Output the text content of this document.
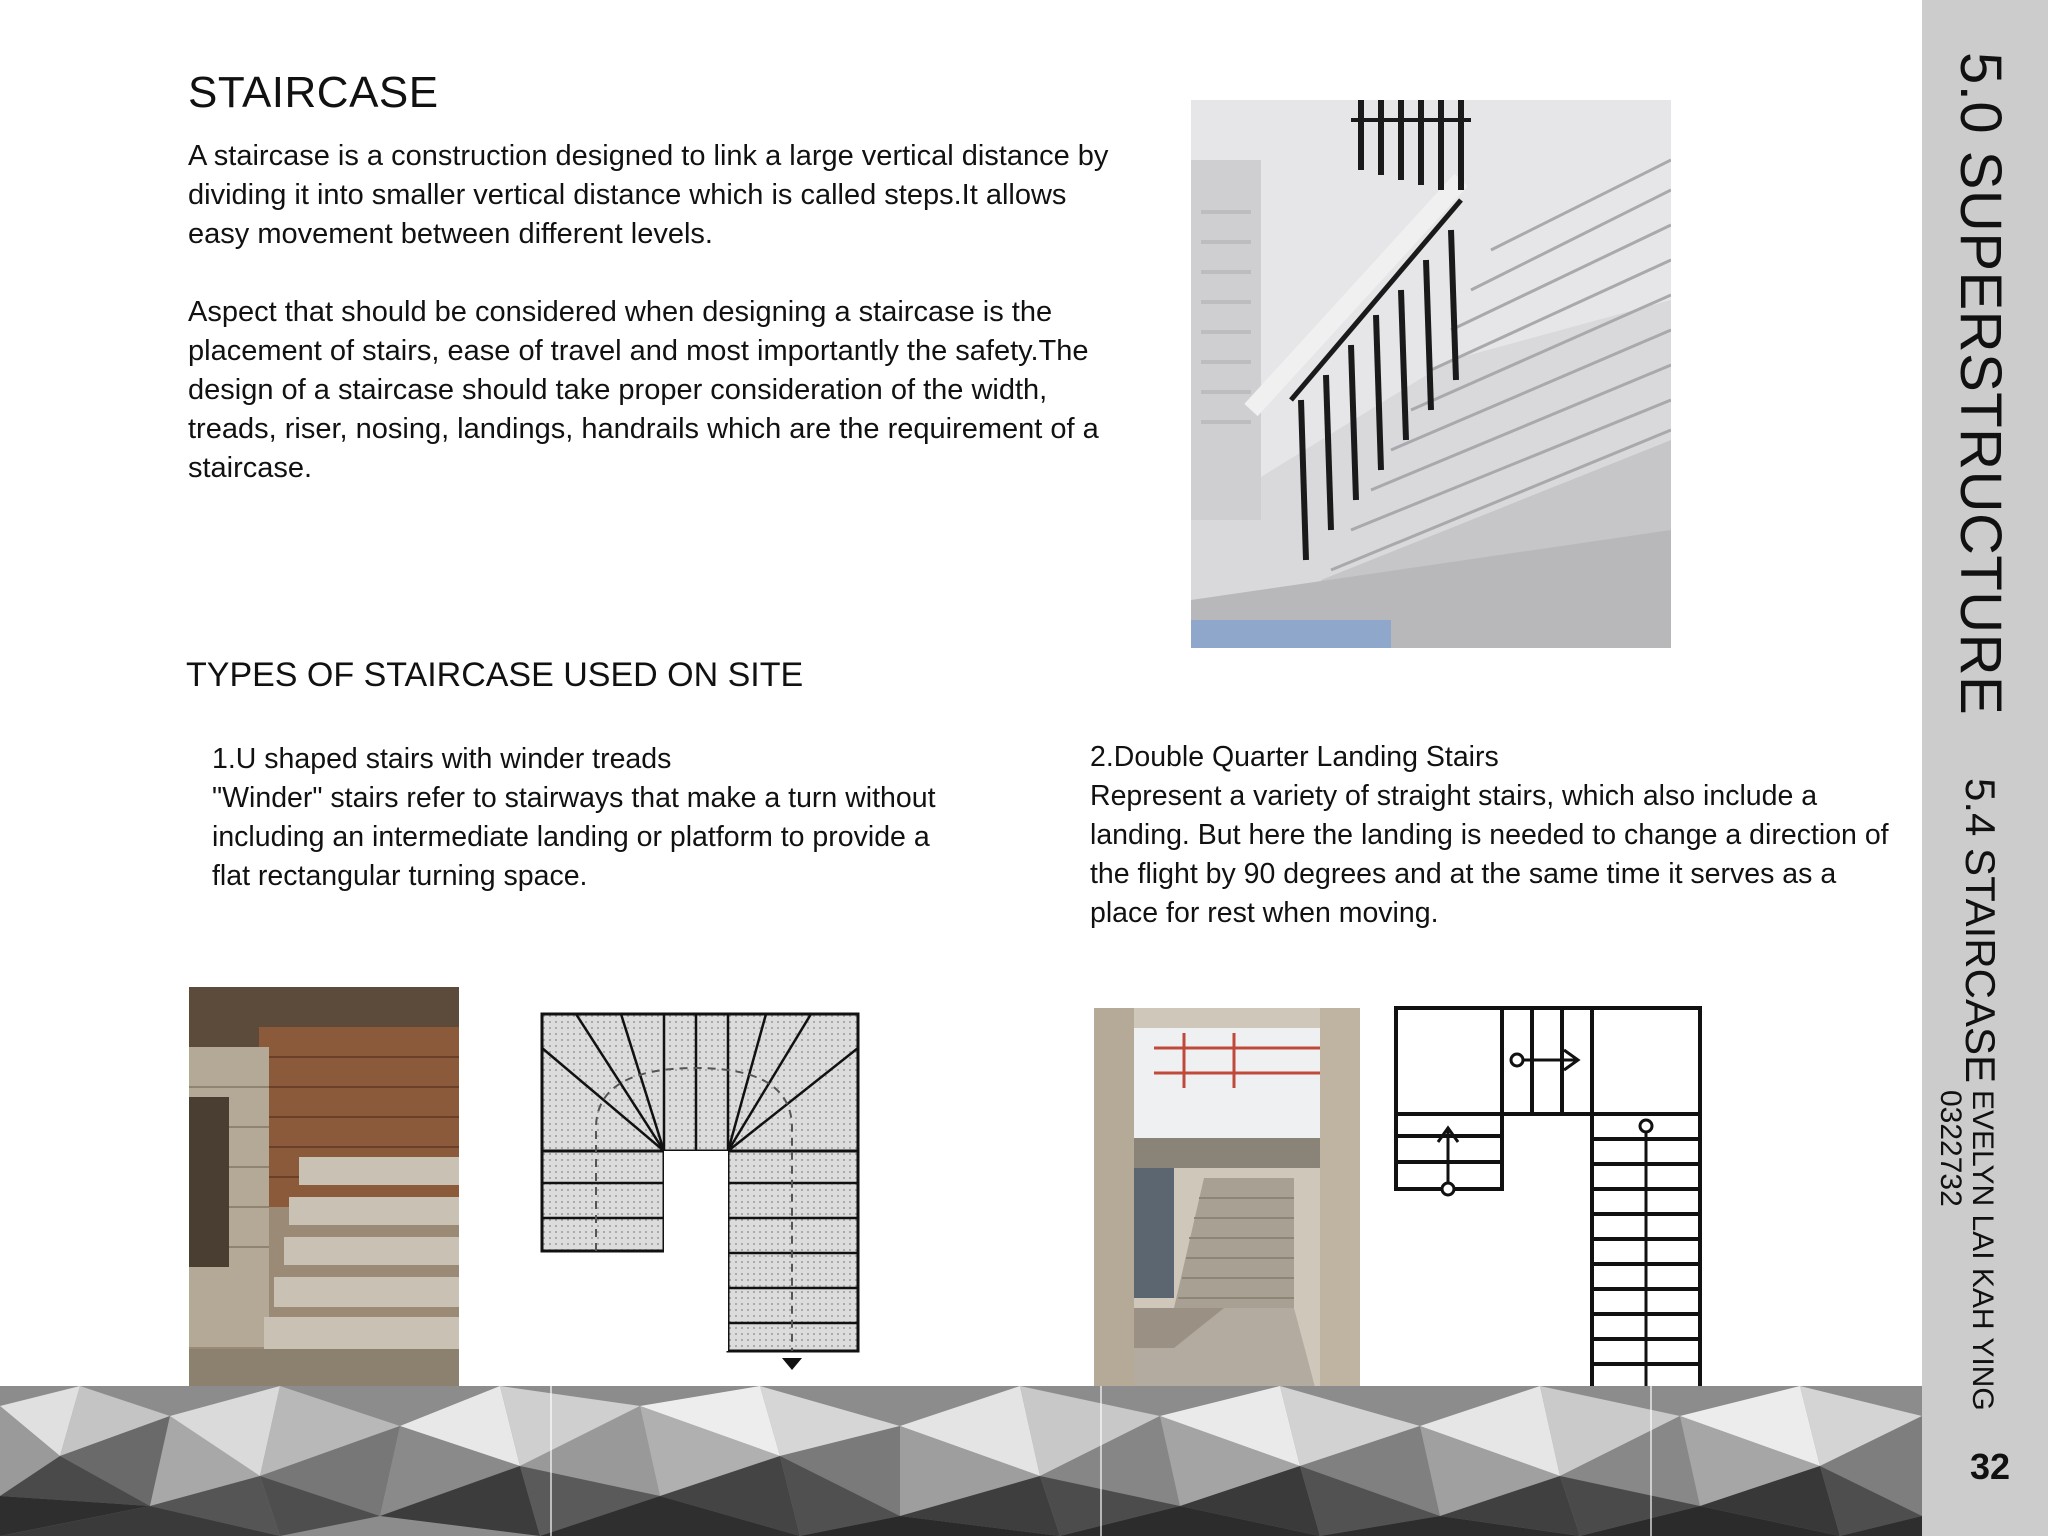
STAIRCASE
A staircase is a construction designed to link a large vertical distance by dividing it into smaller vertical distance which is called steps.It allows easy movement between different levels.
Aspect that should be considered when designing a staircase is the placement of stairs, ease of travel and most importantly the safety.The design of a staircase should take proper consideration of the width, treads, riser, nosing, landings, handrails which are the requirement of a staircase.
TYPES OF STAIRCASE USED ON SITE
1.U shaped stairs with winder treads
"Winder" stairs refer to stairways that make a turn without including an intermediate landing or platform to provide a flat rectangular turning space.
2.Double Quarter Landing Stairs
Represent a variety of straight stairs, which also include a landing. But here the landing is needed to change a direction of the flight by 90 degrees and at the same time it serves as a place for rest when moving.
5.0 SUPERSTRUCTURE
5.4 STAIRCASE
EVELYN LAI KAH YING
0322732
32
